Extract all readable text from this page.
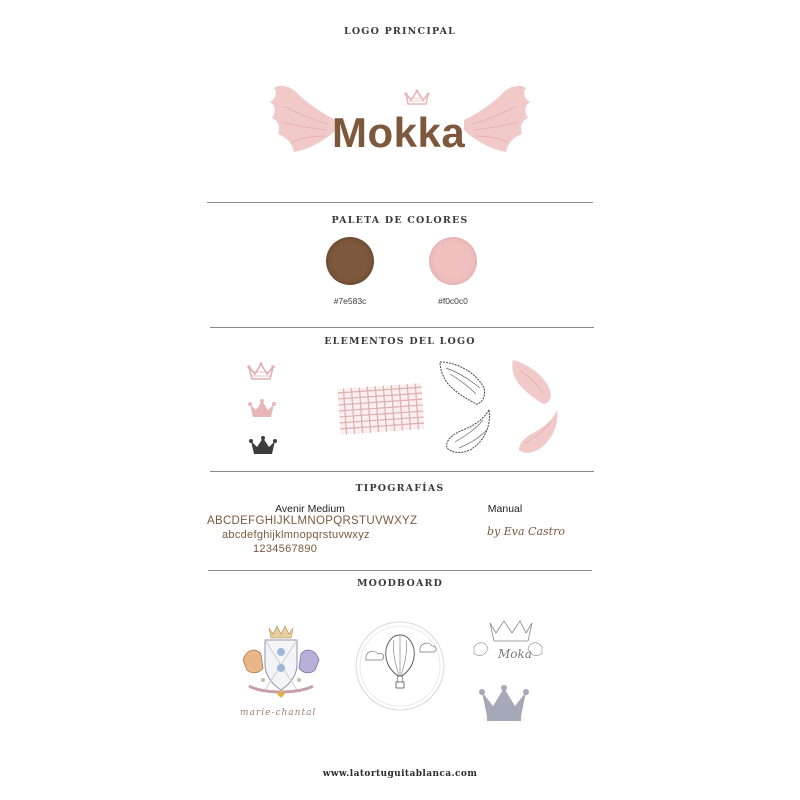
LOGO PRINCIPAL
Mokka
PALETA DE COLORES
#7e583c	#f0c0c0
ELEMENTOS DEL LOGO
TIPOGRAFÍAS
Avenir Medium
ABCDEFGHIJKLMNOPQRSTUVWXYZ
abcdefghijklmnopqrstuvwxyz
1234567890
Manual
by Eva Castro
MOODBOARD
marie-chantal
Moka
www.latortuguitablanca.com
